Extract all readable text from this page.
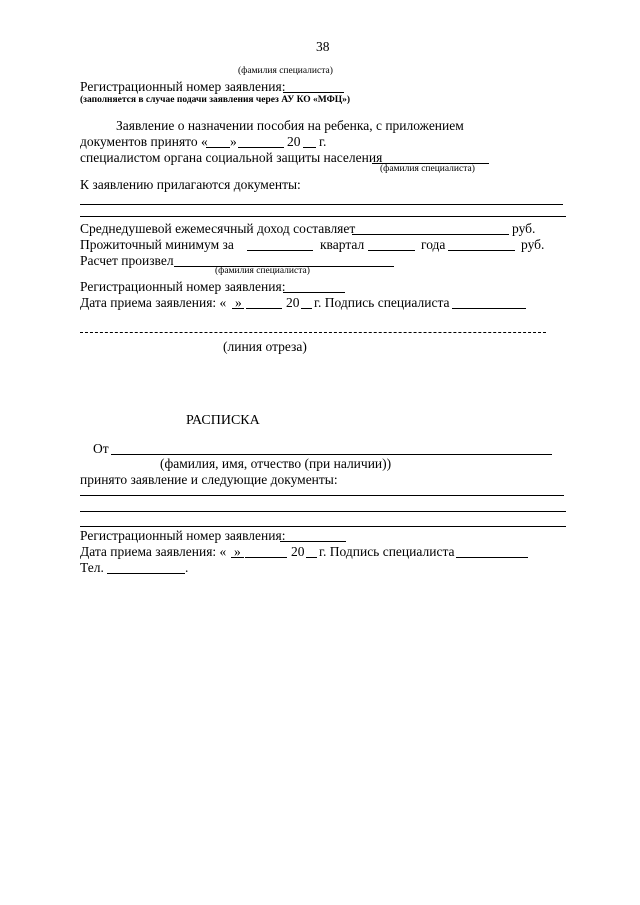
38
(фамилия специалиста)
Регистрационный номер заявления:
(заполняется в случае подачи заявления через АУ КО «МФЦ»)
Заявление о назначении пособия на ребенка, с приложением
документов принято « »	20 г.
специалистом органа социальной защиты населения
(фамилия специалиста)
К заявлению прилагаются документы:
Среднедушевой ежемесячный доход составляет	руб.
Прожиточный минимум за	квартал	года	руб.
Расчет произвел
(фамилия специалиста)
Регистрационный номер заявления:
Дата приема заявления: « »	20 г. Подпись специалиста
(линия отреза)
РАСПИСКА
От
(фамилия, имя, отчество (при наличии))
принято заявление и следующие документы:
Регистрационный номер заявления:
Дата приема заявления: « »	20 г. Подпись специалиста
Тел.	.
